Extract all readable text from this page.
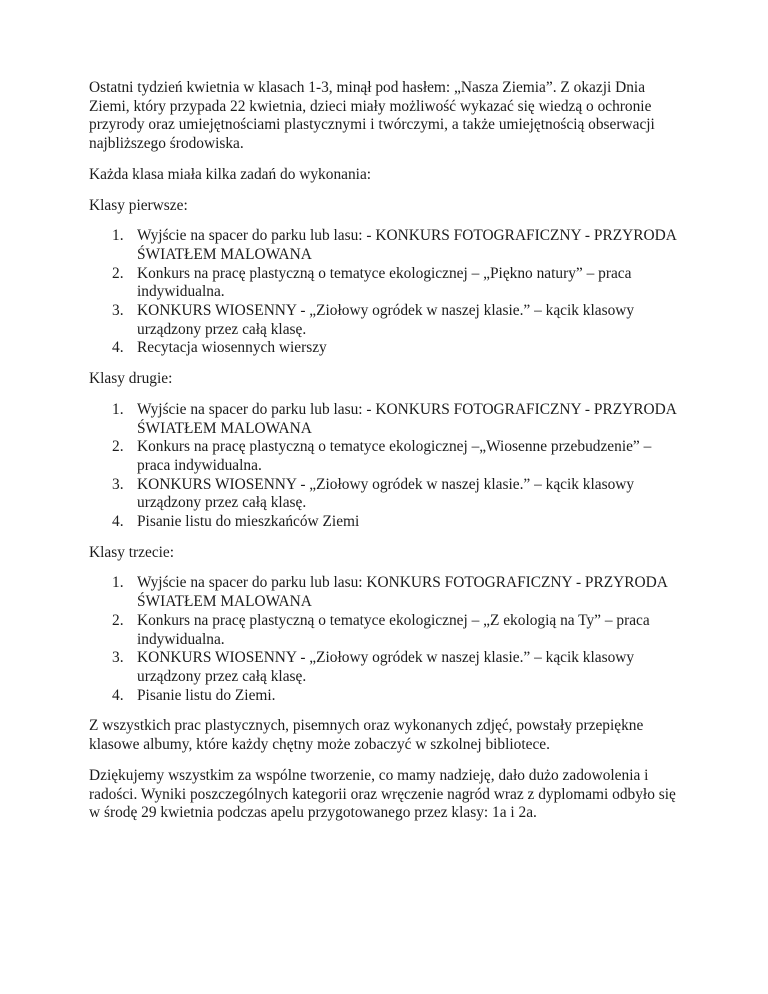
Ostatni tydzień kwietnia w klasach 1-3, minął pod hasłem: „Nasza Ziemia”. Z okazji Dnia Ziemi, który przypada 22 kwietnia, dzieci miały możliwość wykazać się wiedzą o ochronie przyrody oraz umiejętnościami plastycznymi i twórczymi, a także umiejętnością obserwacji najbliższego środowiska.

Każda klasa miała kilka zadań do wykonania:

Klasy pierwsze:

1. Wyjście na spacer do parku lub lasu: - KONKURS FOTOGRAFICZNY - PRZYRODA ŚWIATŁEM MALOWANA
2. Konkurs na pracę plastyczną o tematyce ekologicznej – „Piękno natury” – praca indywidualna.
3. KONKURS WIOSENNY - „Ziołowy ogródek w naszej klasie.” – kącik klasowy urządzony przez całą klasę.
4. Recytacja wiosennych wierszy

Klasy drugie:

1. Wyjście na spacer do parku lub lasu: - KONKURS FOTOGRAFICZNY - PRZYRODA ŚWIATŁEM MALOWANA
2. Konkurs na pracę plastyczną o tematyce ekologicznej –„Wiosenne przebudzenie” – praca indywidualna.
3. KONKURS WIOSENNY - „Ziołowy ogródek w naszej klasie.” – kącik klasowy urządzony przez całą klasę.
4. Pisanie listu do mieszkańców Ziemi

Klasy trzecie:

1. Wyjście na spacer do parku lub lasu: KONKURS FOTOGRAFICZNY - PRZYRODA ŚWIATŁEM MALOWANA
2. Konkurs na pracę plastyczną o tematyce ekologicznej – „Z ekologią na Ty” – praca indywidualna.
3. KONKURS WIOSENNY - „Ziołowy ogródek w naszej klasie.” – kącik klasowy urządzony przez całą klasę.
4. Pisanie listu do Ziemi.

Z wszystkich prac plastycznych, pisemnych oraz wykonanych zdjęć, powstały przepiękne klasowe albumy, które każdy chętny może zobaczyć w szkolnej bibliotece.

Dziękujemy wszystkim za wspólne tworzenie, co mamy nadzieję, dało dużo zadowolenia i radości. Wyniki poszczególnych kategorii oraz wręczenie nagród wraz z dyplomami odbyło się w środę 29 kwietnia podczas apelu przygotowanego przez klasy: 1a i 2a.
